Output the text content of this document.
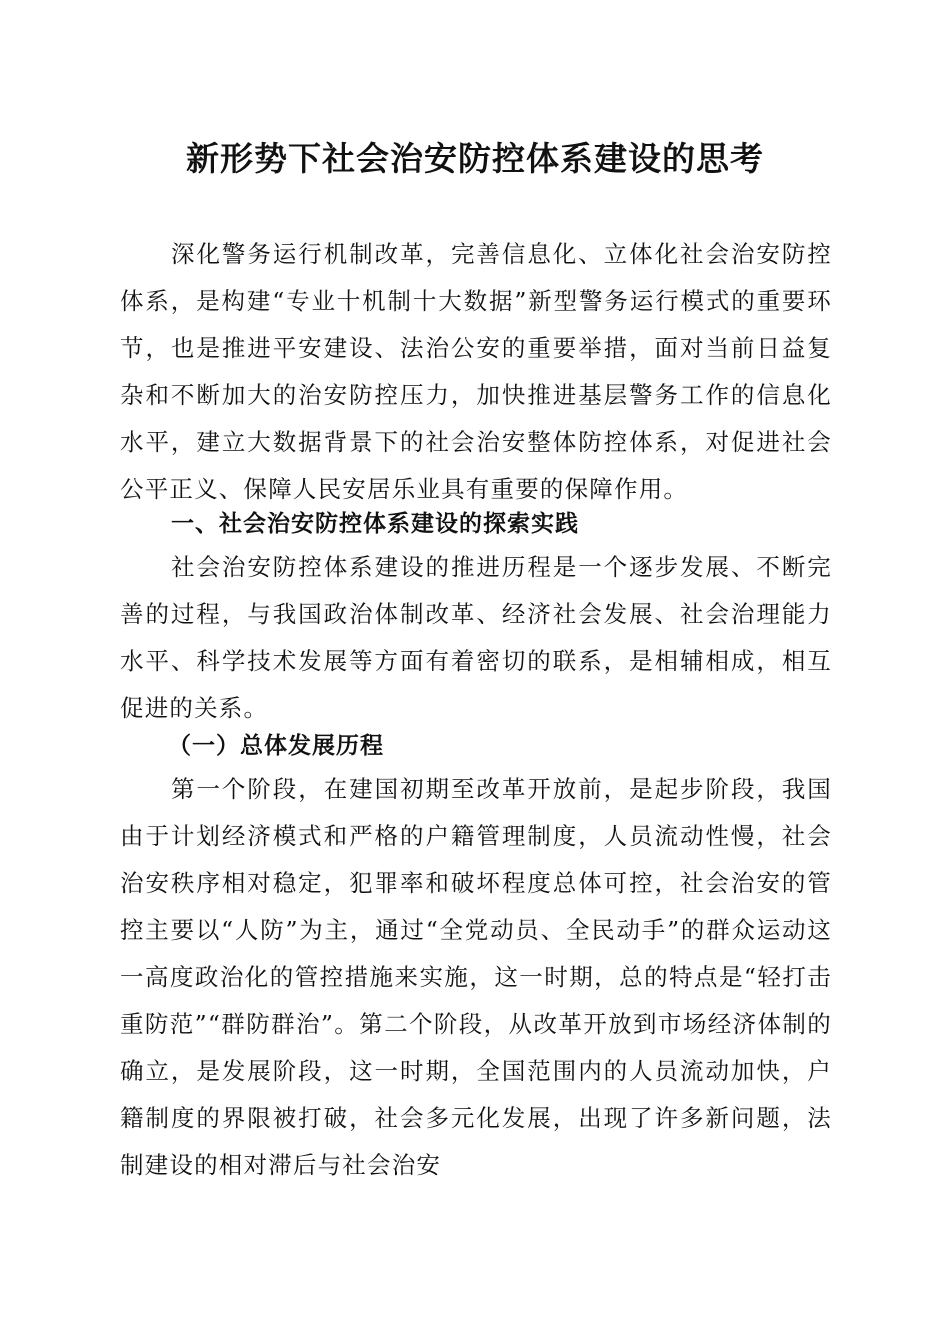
新形势下社会治安防控体系建设的思考

深化警务运行机制改革，完善信息化、立体化社会治安防控体系，是构建“专业十机制十大数据”新型警务运行模式的重要环节，也是推进平安建设、法治公安的重要举措，面对当前日益复杂和不断加大的治安防控压力，加快推进基层警务工作的信息化水平，建立大数据背景下的社会治安整体防控体系，对促进社会公平正义、保障人民安居乐业具有重要的保障作用。

一、社会治安防控体系建设的探索实践

社会治安防控体系建设的推进历程是一个逐步发展、不断完善的过程，与我国政治体制改革、经济社会发展、社会治理能力水平、科学技术发展等方面有着密切的联系，是相辅相成，相互促进的关系。

（一）总体发展历程

第一个阶段，在建国初期至改革开放前，是起步阶段，我国由于计划经济模式和严格的户籍管理制度，人员流动性慢，社会治安秩序相对稳定，犯罪率和破坏程度总体可控，社会治安的管控主要以“人防”为主，通过“全党动员、全民动手”的群众运动这一高度政治化的管控措施来实施，这一时期，总的特点是“轻打击重防范”“群防群治”。第二个阶段，从改革开放到市场经济体制的确立，是发展阶段，这一时期，全国范围内的人员流动加快，户籍制度的界限被打破，社会多元化发展，出现了许多新问题，法制建设的相对滞后与社会治安
